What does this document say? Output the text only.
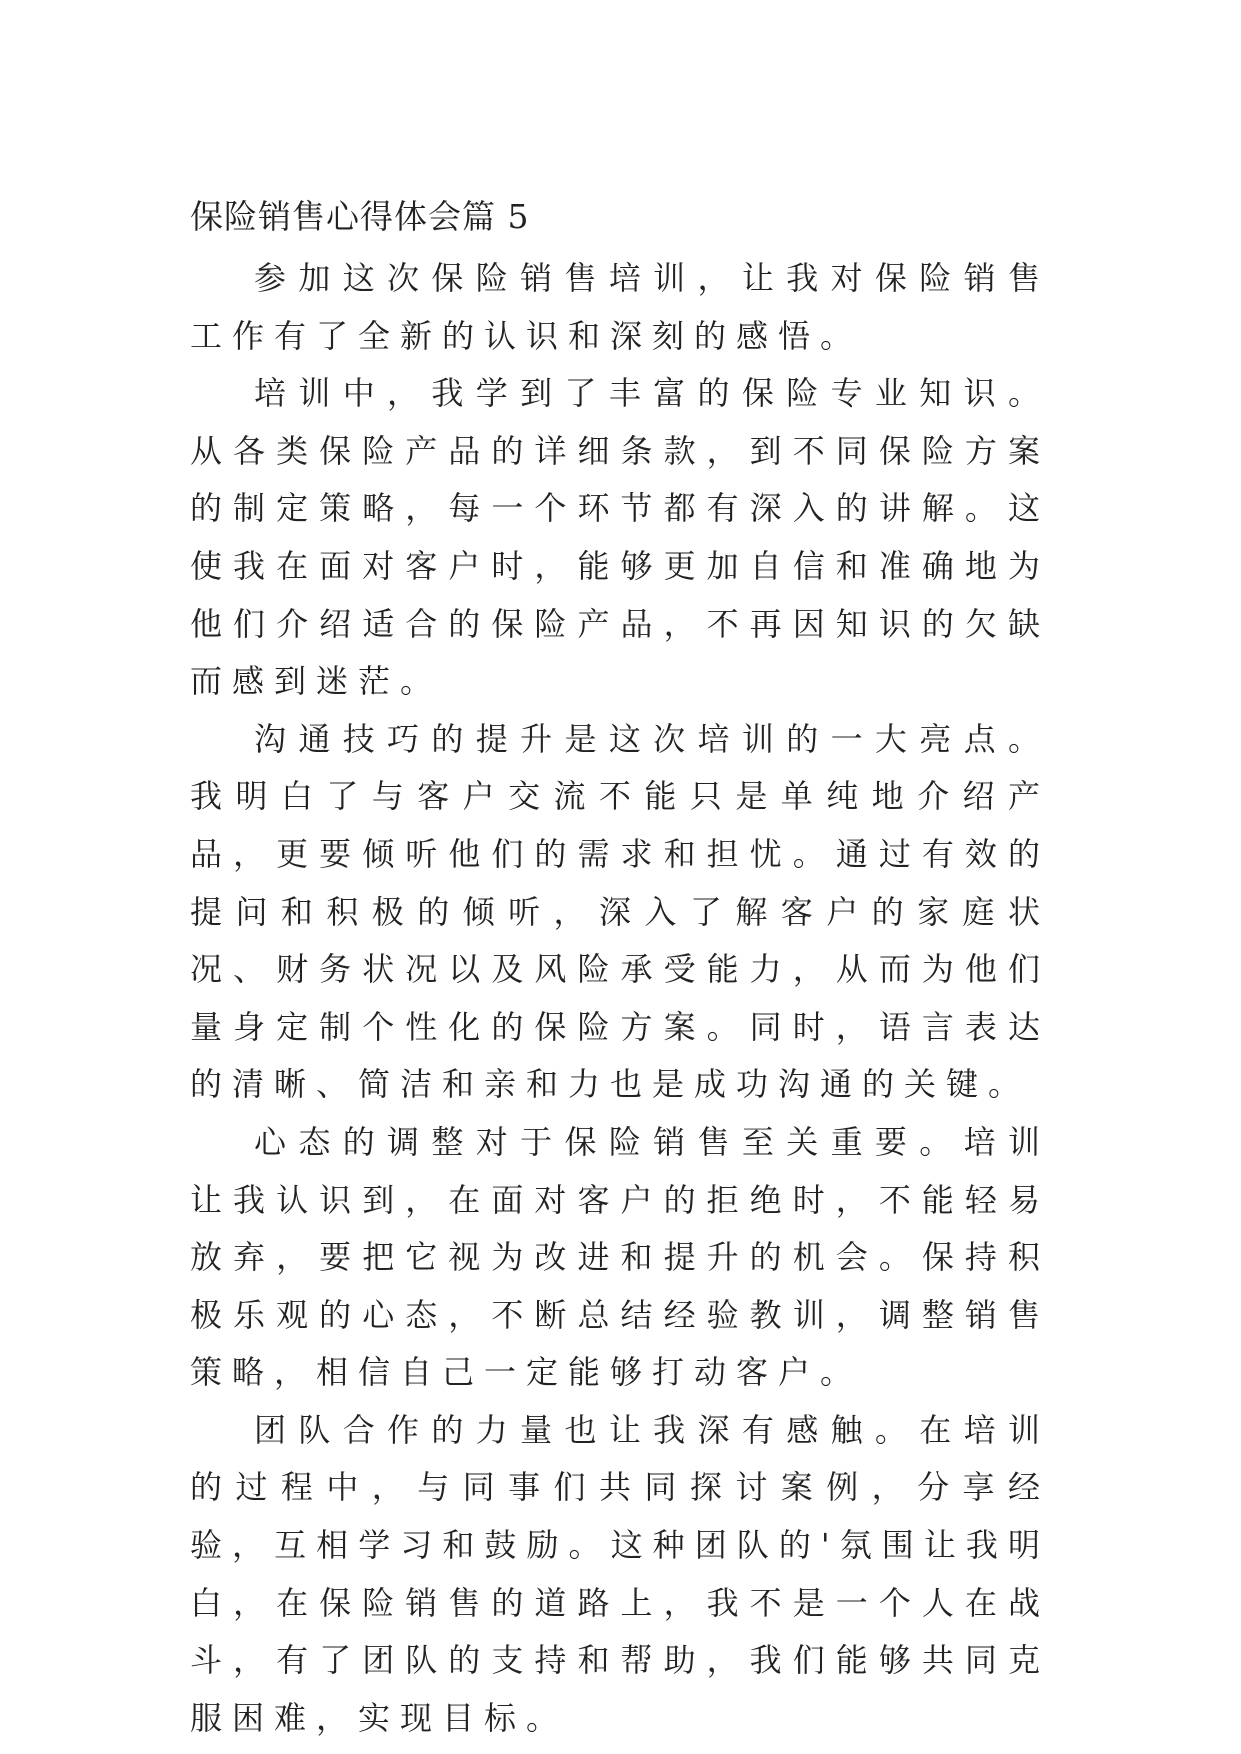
保险销售心得体会篇 5

参加这次保险销售培训，让我对保险销售工作有了全新的认识和深刻的感悟。

培训中，我学到了丰富的保险专业知识。从各类保险产品的详细条款，到不同保险方案的制定策略，每一个环节都有深入的讲解。这使我在面对客户时，能够更加自信和准确地为他们介绍适合的保险产品，不再因知识的欠缺而感到迷茫。

沟通技巧的提升是这次培训的一大亮点。我明白了与客户交流不能只是单纯地介绍产品，更要倾听他们的需求和担忧。通过有效的提问和积极的倾听，深入了解客户的家庭状况、财务状况以及风险承受能力，从而为他们量身定制个性化的保险方案。同时，语言表达的清晰、简洁和亲和力也是成功沟通的关键。

心态的调整对于保险销售至关重要。培训让我认识到，在面对客户的拒绝时，不能轻易放弃，要把它视为改进和提升的机会。保持积极乐观的心态，不断总结经验教训，调整销售策略，相信自己一定能够打动客户。

团队合作的力量也让我深有感触。在培训的过程中，与同事们共同探讨案例，分享经验，互相学习和鼓励。这种团队的'氛围让我明白，在保险销售的道路上，我不是一个人在战斗，有了团队的支持和帮助，我们能够共同克服困难，实现目标。
